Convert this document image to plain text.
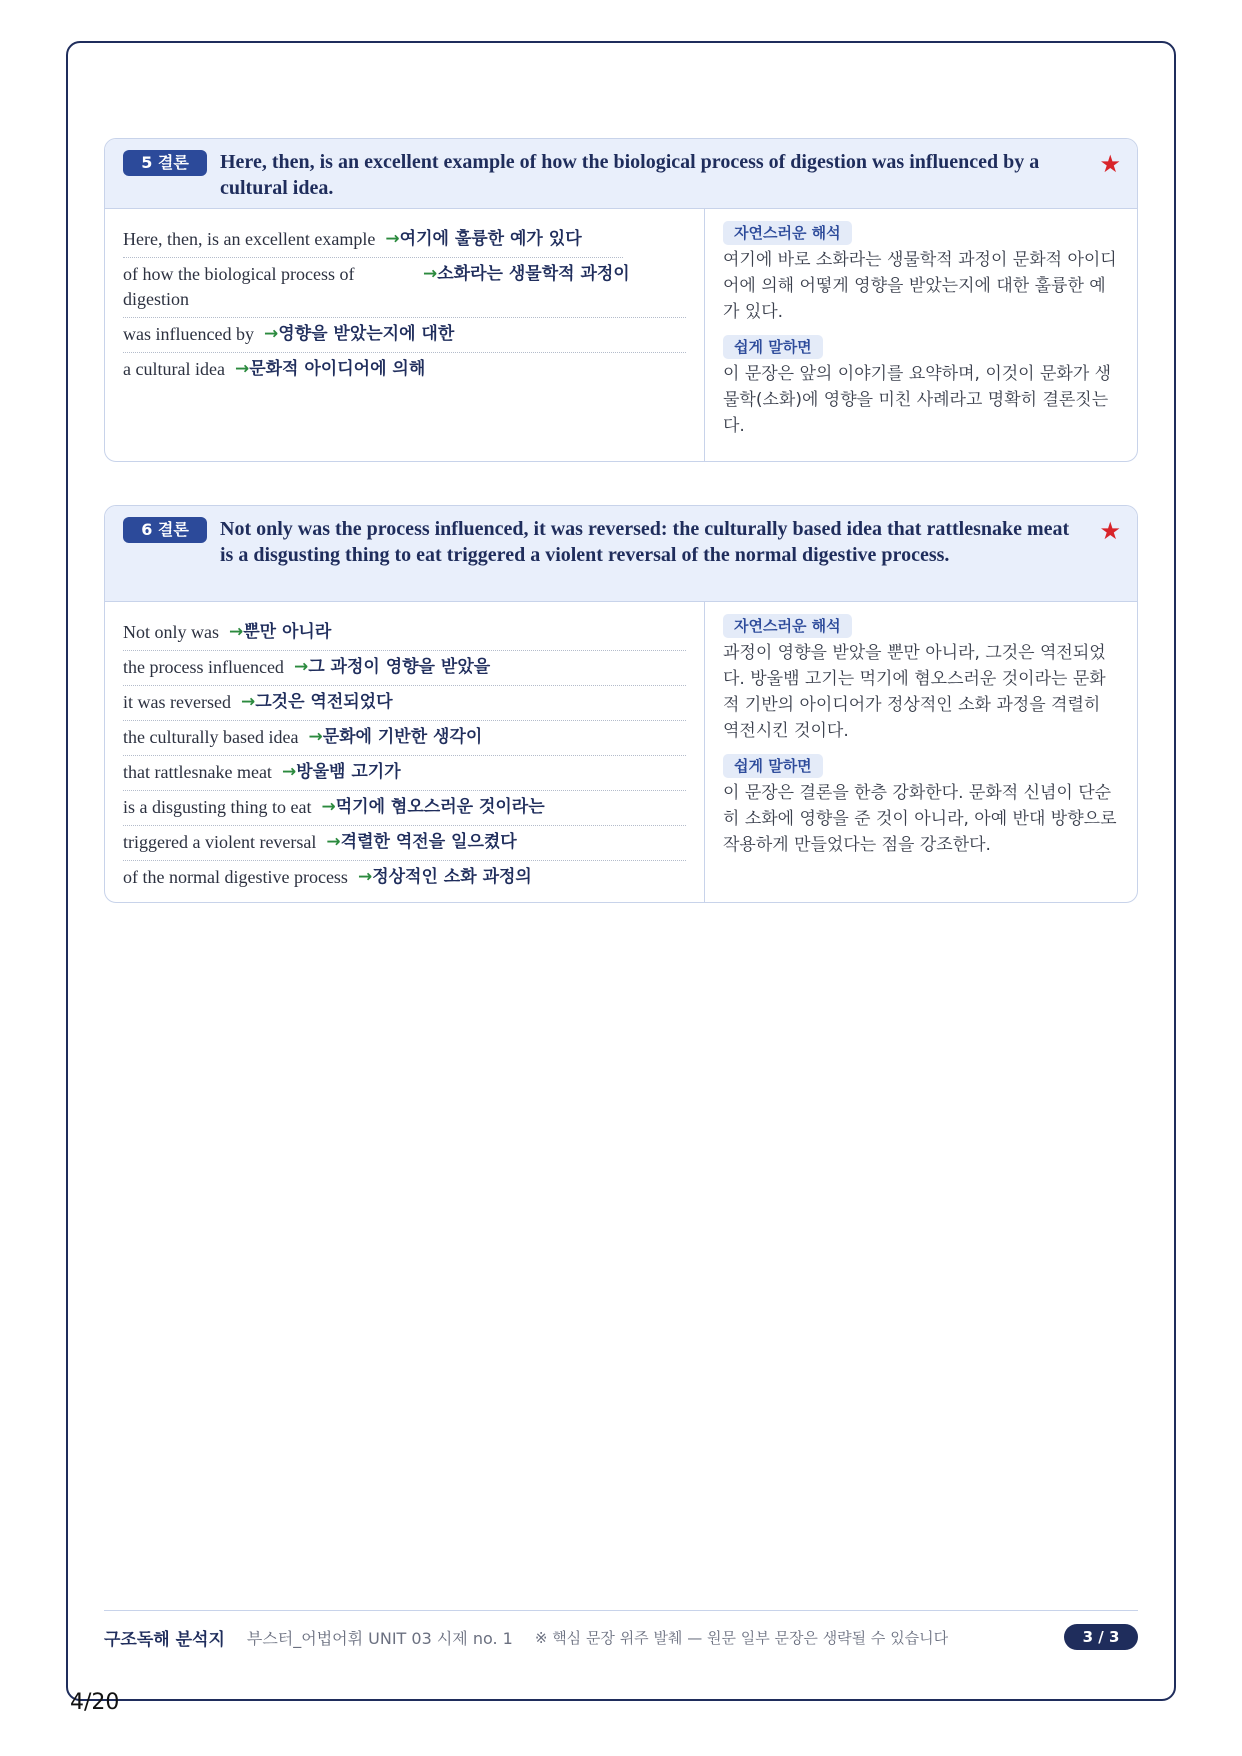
5 결론	Here, then, is an excellent example of how the biological process of digestion was influenced by a cultural idea.
★
Here, then, is an excellent example → 여기에 훌륭한 예가 있다
of how the biological process of digestion
→ 소화라는 생물학적 과정이
was influenced by → 영향을 받았는지에 대한
a cultural idea → 문화적 아이디어에 의해
자연스러운 해석

여기에 바로 소화라는 생물학적 과정이 문화적 아이디어에 의해 어떻게 영향을 받았는지에 대한 훌륭한 예가 있다.

쉽게 말하면

이 문장은 앞의 이야기를 요약하며, 이것이 문화가 생물학(소화)에 영향을 미친 사례라고 명확히 결론짓는다.

6 결론	Not only was the process influenced, it was reversed: the culturally based idea that rattlesnake meat is a disgusting thing to eat triggered a violent reversal of the normal digestive process.
★
Not only was → 뿐만 아니라
the process influenced → 그 과정이 영향을 받았을
it was reversed → 그것은 역전되었다
the culturally based idea → 문화에 기반한 생각이
that rattlesnake meat → 방울뱀 고기가
is a disgusting thing to eat → 먹기에 혐오스러운 것이라는
triggered a violent reversal → 격렬한 역전을 일으켰다
of the normal digestive process → 정상적인 소화 과정의
자연스러운 해석

과정이 영향을 받았을 뿐만 아니라, 그것은 역전되었다. 방울뱀 고기는 먹기에 혐오스러운 것이라는 문화적 기반의 아이디어가 정상적인 소화 과정을 격렬히 역전시킨 것이다.

쉽게 말하면

이 문장은 결론을 한층 강화한다. 문화적 신념이 단순히 소화에 영향을 준 것이 아니라, 아예 반대 방향으로 작용하게 만들었다는 점을 강조한다.

구조독해 분석지 부스터_어법어휘 UNIT 03 시제 no. 1 ※ 핵심 문장 위주 발췌 — 원문 일부 문장은 생략될 수 있습니다	3 / 3
4/20
